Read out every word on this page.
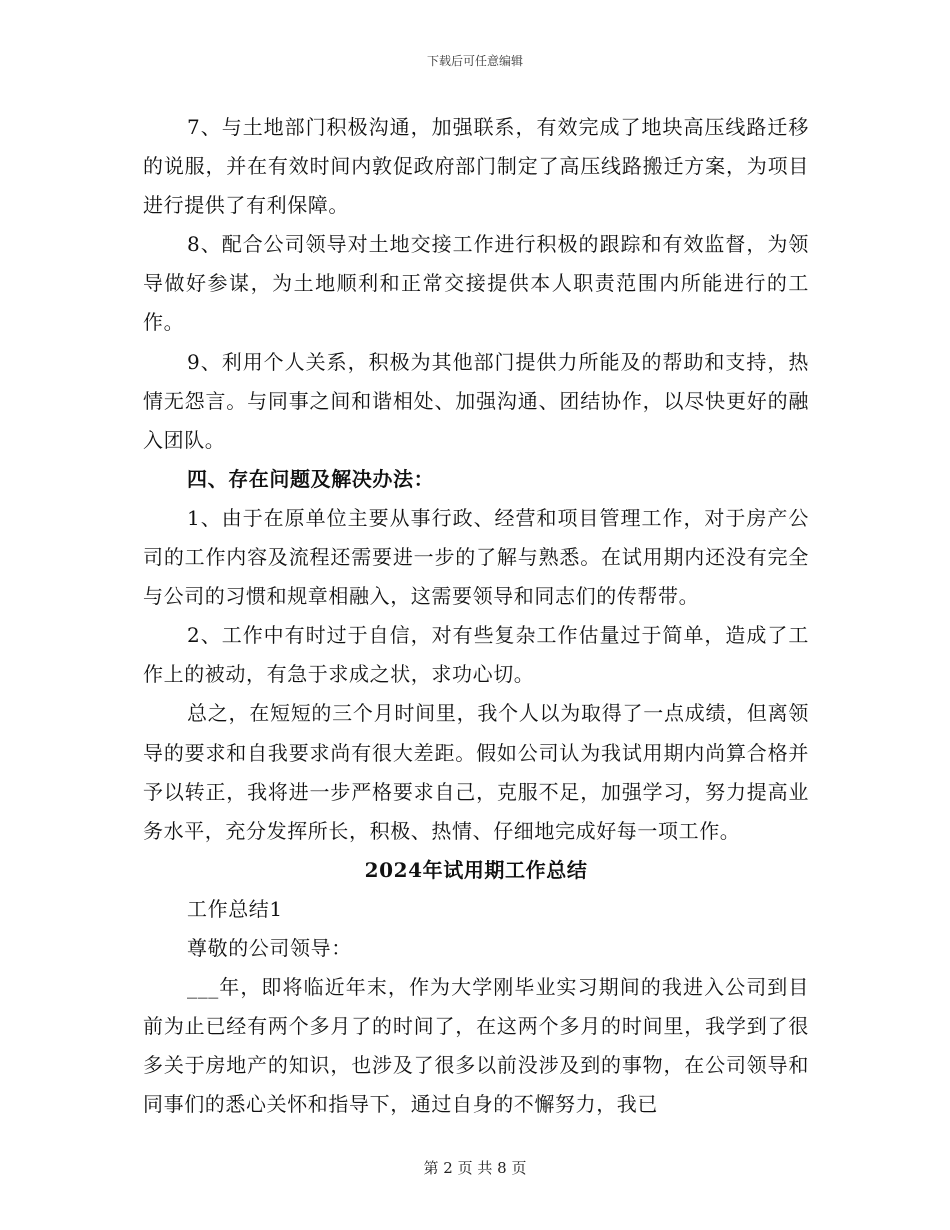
下载后可任意编辑

7、与土地部门积极沟通，加强联系，有效完成了地块高压线路迁移的说服，并在有效时间内敦促政府部门制定了高压线路搬迁方案，为项目进行提供了有利保障。

8、配合公司领导对土地交接工作进行积极的跟踪和有效监督，为领导做好参谋，为土地顺利和正常交接提供本人职责范围内所能进行的工作。

9、利用个人关系，积极为其他部门提供力所能及的帮助和支持，热情无怨言。与同事之间和谐相处、加强沟通、团结协作，以尽快更好的融入团队。

四、存在问题及解决办法：

1、由于在原单位主要从事行政、经营和项目管理工作，对于房产公司的工作内容及流程还需要进一步的了解与熟悉。在试用期内还没有完全与公司的习惯和规章相融入，这需要领导和同志们的传帮带。

2、工作中有时过于自信，对有些复杂工作估量过于简单，造成了工作上的被动，有急于求成之状，求功心切。

总之，在短短的三个月时间里，我个人以为取得了一点成绩，但离领导的要求和自我要求尚有很大差距。假如公司认为我试用期内尚算合格并予以转正，我将进一步严格要求自己，克服不足，加强学习，努力提高业务水平，充分发挥所长，积极、热情、仔细地完成好每一项工作。

2024年试用期工作总结

工作总结1

尊敬的公司领导：

___年，即将临近年末，作为大学刚毕业实习期间的我进入公司到目前为止已经有两个多月了的时间了，在这两个多月的时间里，我学到了很多关于房地产的知识，也涉及了很多以前没涉及到的事物，在公司领导和同事们的悉心关怀和指导下，通过自身的不懈努力，我已

第 2 页 共 8 页
